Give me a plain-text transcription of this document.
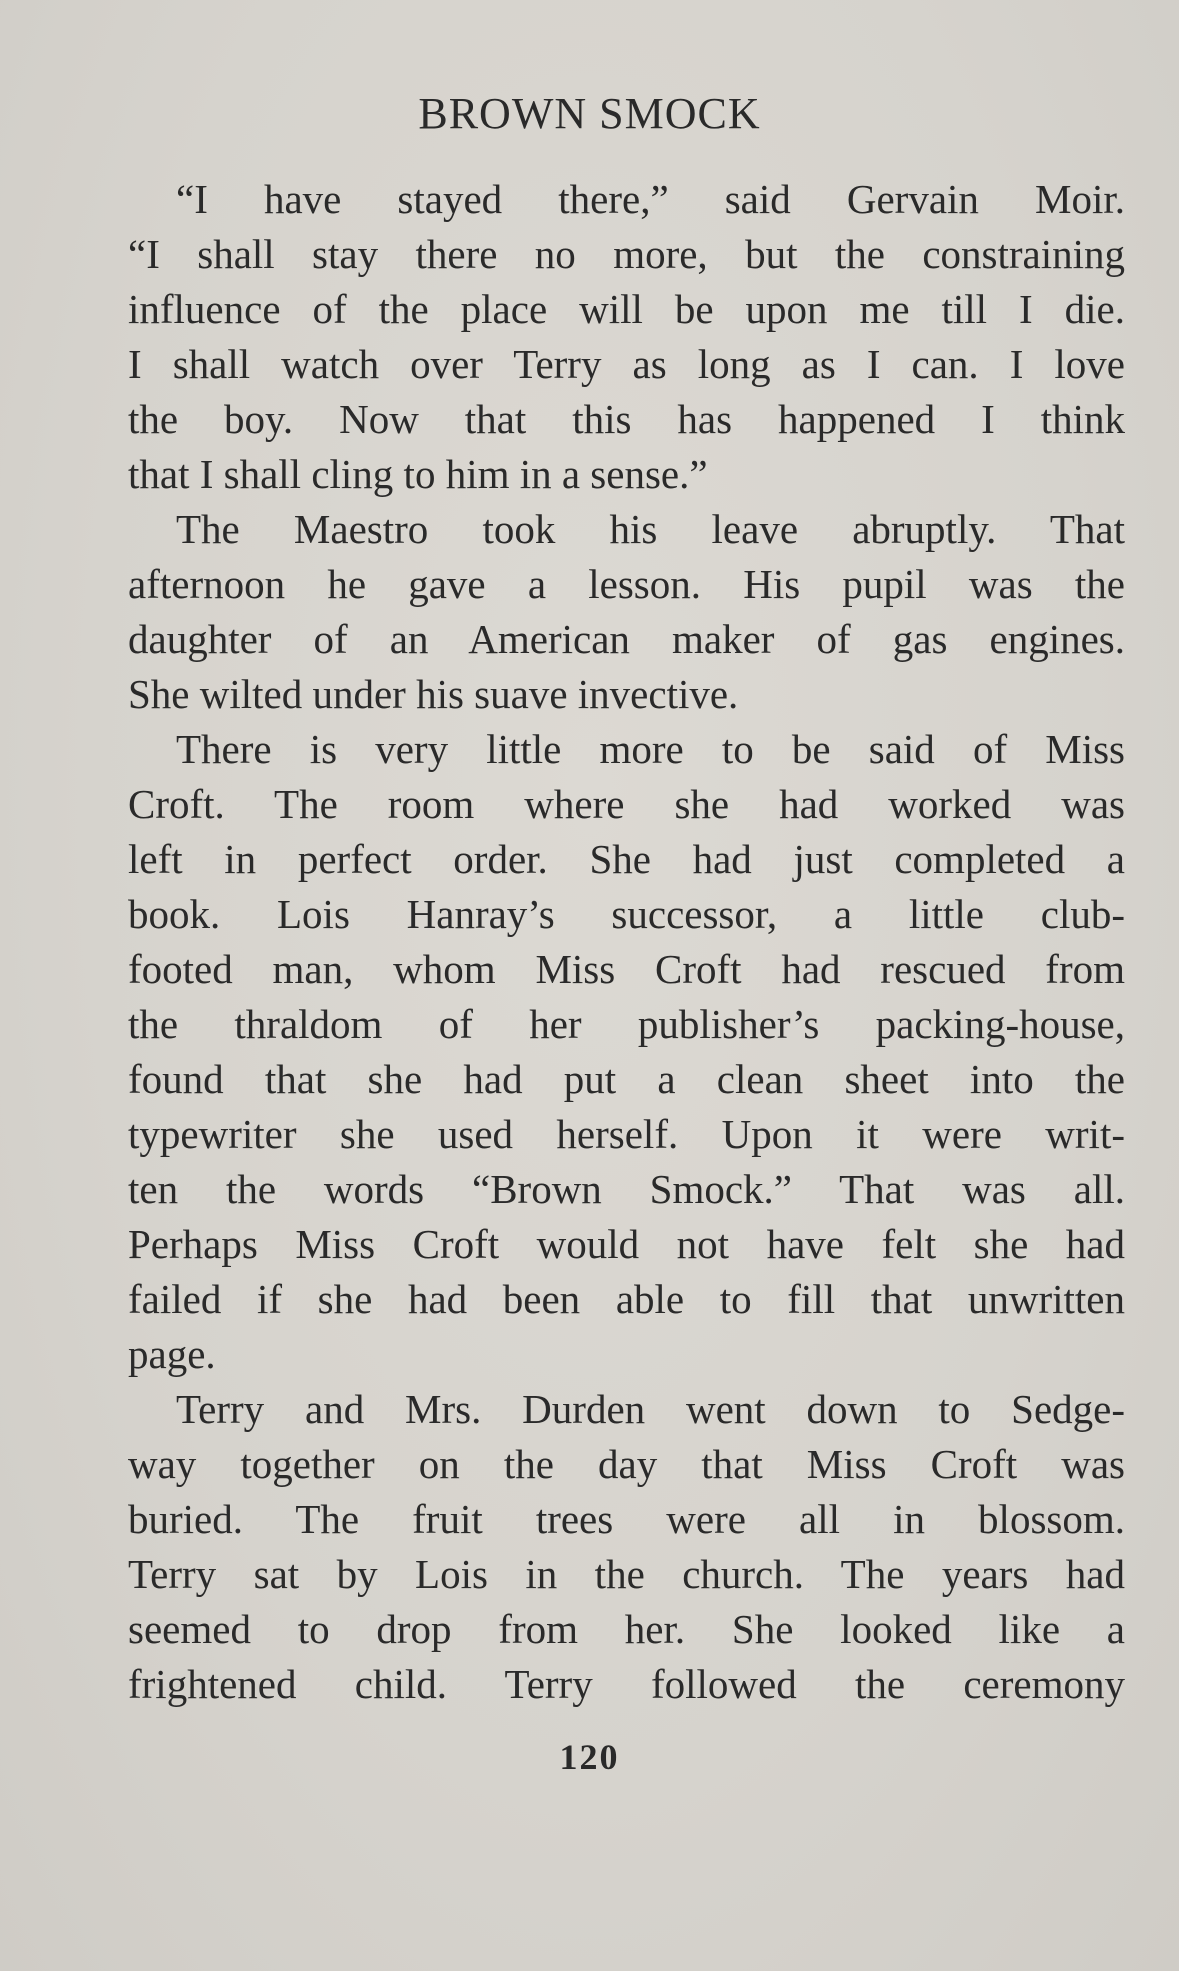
BROWN SMOCK
“I have stayed there,” said Gervain Moir.
“I shall stay there no more, but the constraining
influence of the place will be upon me till I die.
I shall watch over Terry as long as I can. I love
the boy. Now that this has happened I think
that I shall cling to him in a sense.”
The Maestro took his leave abruptly. That
afternoon he gave a lesson. His pupil was the
daughter of an American maker of gas engines.
She wilted under his suave invective.
There is very little more to be said of Miss
Croft. The room where she had worked was
left in perfect order. She had just completed a
book. Lois Hanray’s successor, a little club-
footed man, whom Miss Croft had rescued from
the thraldom of her publisher’s packing-house,
found that she had put a clean sheet into the
typewriter she used herself. Upon it were writ-
ten the words “Brown Smock.” That was all.
Perhaps Miss Croft would not have felt she had
failed if she had been able to fill that unwritten
page.
Terry and Mrs. Durden went down to Sedge-
way together on the day that Miss Croft was
buried. The fruit trees were all in blossom.
Terry sat by Lois in the church. The years had
seemed to drop from her. She looked like a
frightened child. Terry followed the ceremony
120
